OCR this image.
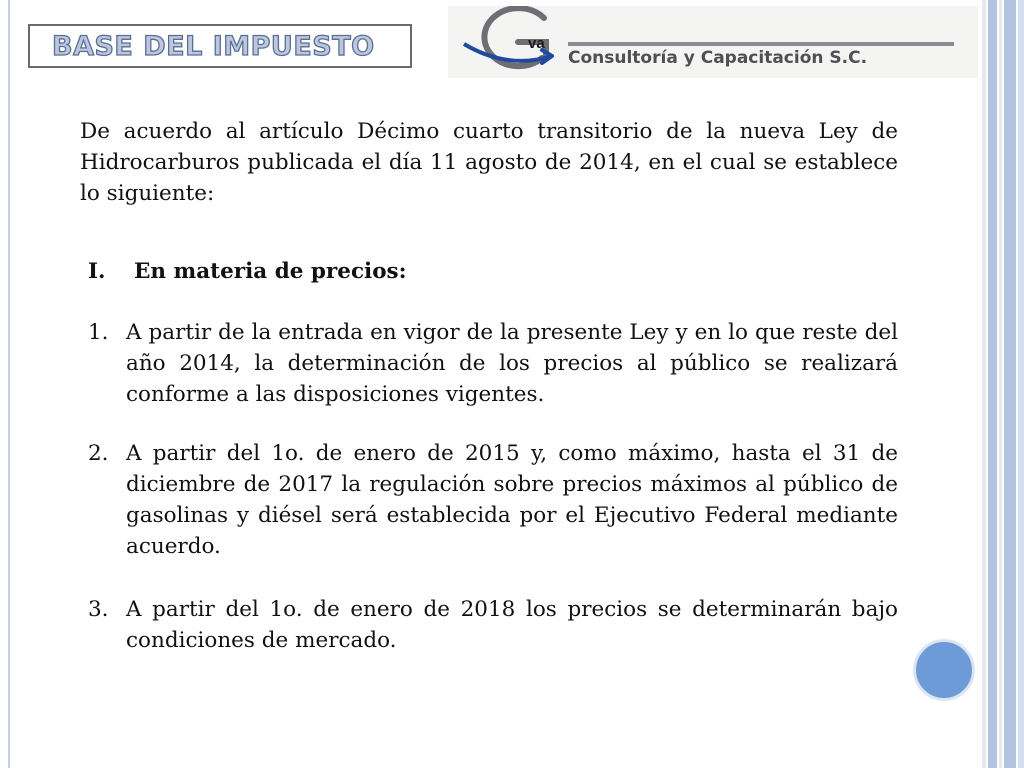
BASE DEL IMPUESTO	va
Consultoría y Capacitación S.C.

De acuerdo al artículo Décimo cuarto transitorio de la nueva Ley de Hidrocarburos publicada el día 11 agosto de 2014, en el cual se establece lo siguiente:

I. En materia de precios:
1. A partir de la entrada en vigor de la presente Ley y en lo que reste del año 2014, la determinación de los precios al público se realizará conforme a las disposiciones vigentes.
2. A partir del 1o. de enero de 2015 y, como máximo, hasta el 31 de diciembre de 2017 la regulación sobre precios máximos al público de gasolinas y diésel será establecida por el Ejecutivo Federal mediante acuerdo.
3. A partir del 1o. de enero de 2018 los precios se determinarán bajo condiciones de mercado.
